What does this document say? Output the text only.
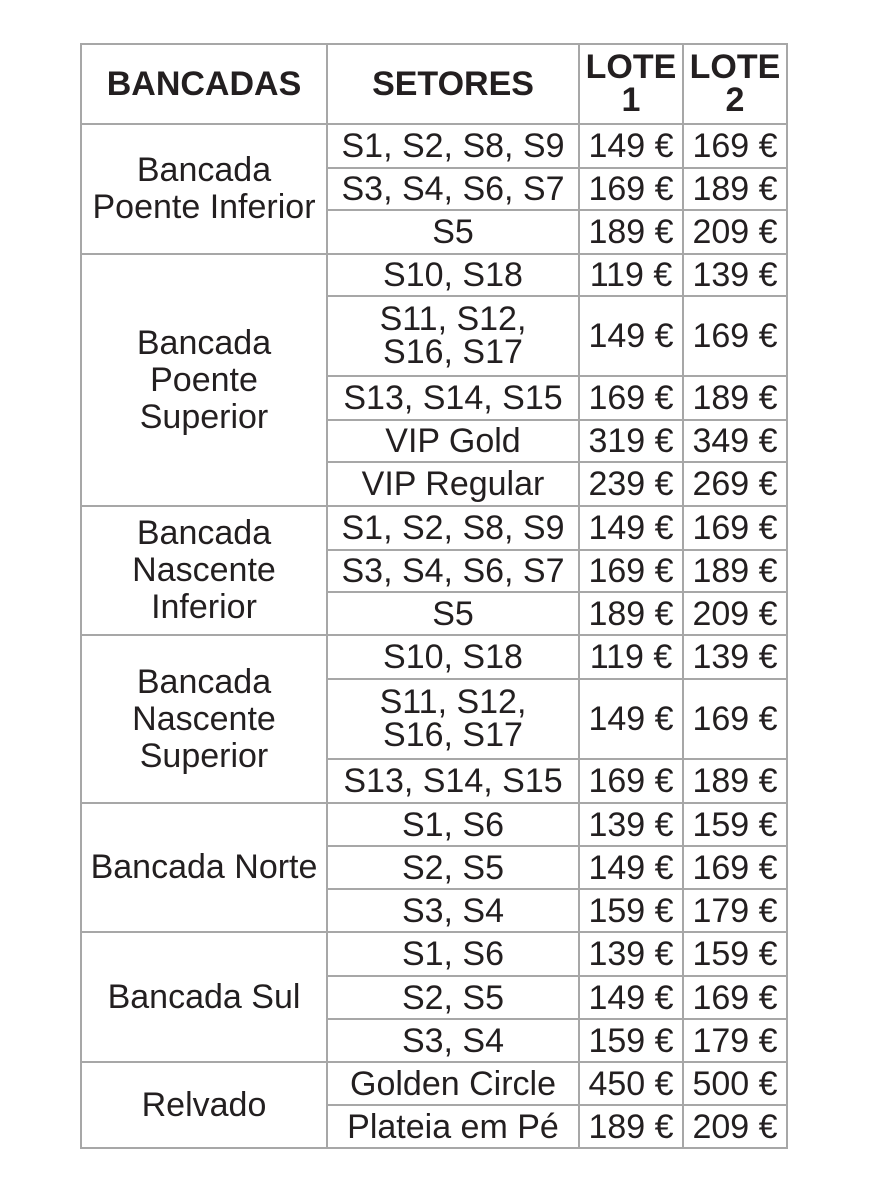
BANCADAS	SETORES	LOTE 1	LOTE 2
Bancada Poente Inferior	S1, S2, S8, S9	149 €	169 €
	S3, S4, S6, S7	169 €	189 €
	S5	189 €	209 €
Bancada Poente Superior	S10, S18	119 €	139 €
	S11, S12, S16, S17	149 €	169 €
	S13, S14, S15	169 €	189 €
	VIP Gold	319 €	349 €
	VIP Regular	239 €	269 €
Bancada Nascente Inferior	S1, S2, S8, S9	149 €	169 €
	S3, S4, S6, S7	169 €	189 €
	S5	189 €	209 €
Bancada Nascente Superior	S10, S18	119 €	139 €
	S11, S12, S16, S17	149 €	169 €
	S13, S14, S15	169 €	189 €
Bancada Norte	S1, S6	139 €	159 €
	S2, S5	149 €	169 €
	S3, S4	159 €	179 €
Bancada Sul	S1, S6	139 €	159 €
	S2, S5	149 €	169 €
	S3, S4	159 €	179 €
Relvado	Golden Circle	450 €	500 €
	Plateia em Pé	189 €	209 €
